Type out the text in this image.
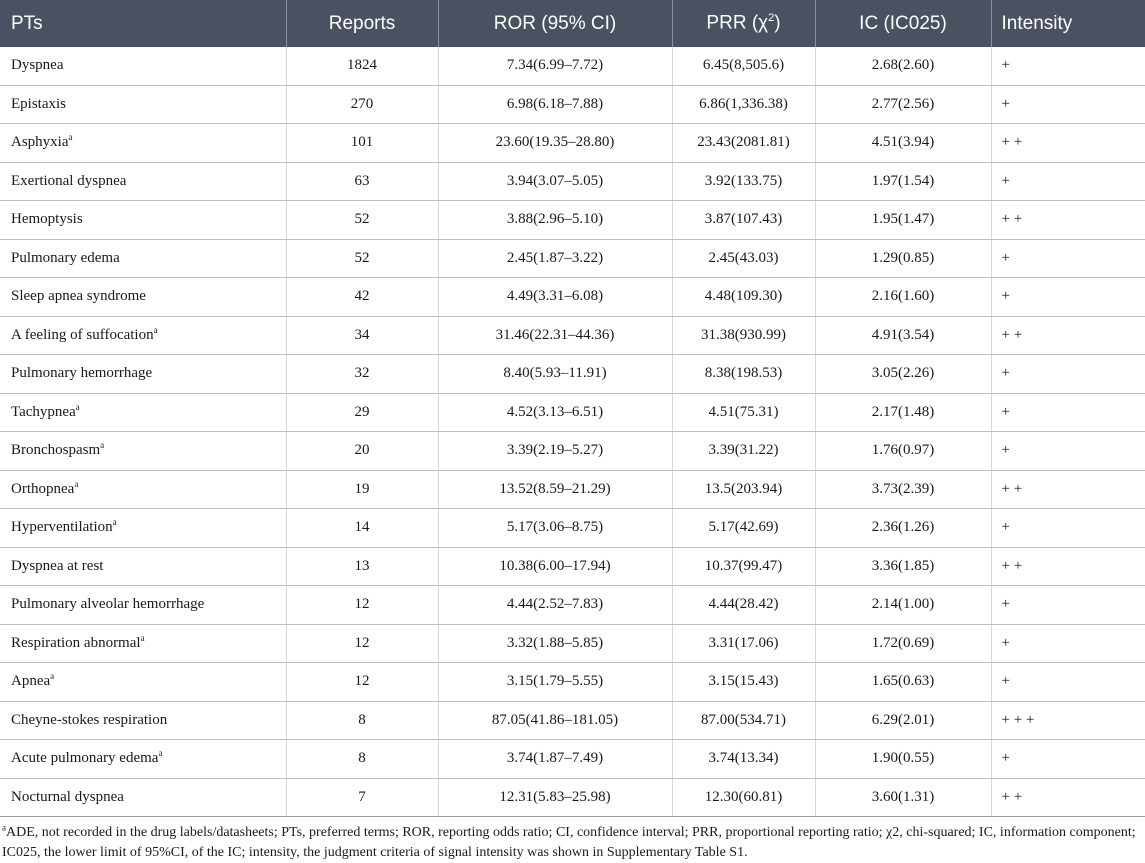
PTs	Reports	ROR (95% CI)	PRR $(\chi^2)$	IC (IC025)	Intensity
Dyspnea	1824	7.34(6.99–7.72)	6.45(8,505.6)	2.68(2.60)	+
Epistaxis	270	6.98(6.18–7.88)	6.86(1,336.38)	2.77(2.56)	+
Asphyxia$^a$	101	23.60(19.35–28.80)	23.43(2081.81)	4.51(3.94)	+ +
Exertional dyspnea	63	3.94(3.07–5.05)	3.92(133.75)	1.97(1.54)	+
Hemoptysis	52	3.88(2.96–5.10)	3.87(107.43)	1.95(1.47)	+ +
Pulmonary edema	52	2.45(1.87–3.22)	2.45(43.03)	1.29(0.85)	+
Sleep apnea syndrome	42	4.49(3.31–6.08)	4.48(109.30)	2.16(1.60)	+
A feeling of suffocation$^a$	34	31.46(22.31–44.36)	31.38(930.99)	4.91(3.54)	+ +
Pulmonary hemorrhage	32	8.40(5.93–11.91)	8.38(198.53)	3.05(2.26)	+
Tachypnea$^a$	29	4.52(3.13–6.51)	4.51(75.31)	2.17(1.48)	+
Bronchospasm$^a$	20	3.39(2.19–5.27)	3.39(31.22)	1.76(0.97)	+
Orthopnea$^a$	19	13.52(8.59–21.29)	13.5(203.94)	3.73(2.39)	+ +
Hyperventilation$^a$	14	5.17(3.06–8.75)	5.17(42.69)	2.36(1.26)	+
Dyspnea at rest	13	10.38(6.00–17.94)	10.37(99.47)	3.36(1.85)	+ +
Pulmonary alveolar hemorrhage	12	4.44(2.52–7.83)	4.44(28.42)	2.14(1.00)	+
Respiration abnormal$^a$	12	3.32(1.88–5.85)	3.31(17.06)	1.72(0.69)	+
Apnea$^a$	12	3.15(1.79–5.55)	3.15(15.43)	1.65(0.63)	+
Cheyne-stokes respiration	8	87.05(41.86–181.05)	87.00(534.71)	6.29(2.01)	+ + +
Acute pulmonary edema$^a$	8	3.74(1.87–7.49)	3.74(13.34)	1.90(0.55)	+
Nocturnal dyspnea	7	12.31(5.83–25.98)	12.30(60.81)	3.60(1.31)	+ +
$^a$ADE, not recorded in the drug labels/datasheets; PTs, preferred terms; ROR, reporting odds ratio; CI, confidence interval; PRR, proportional reporting ratio; χ2, chi-squared; IC, information component; IC025, the lower limit of 95%CI, of the IC; intensity, the judgment criteria of signal intensity was shown in Supplementary Table S1.
